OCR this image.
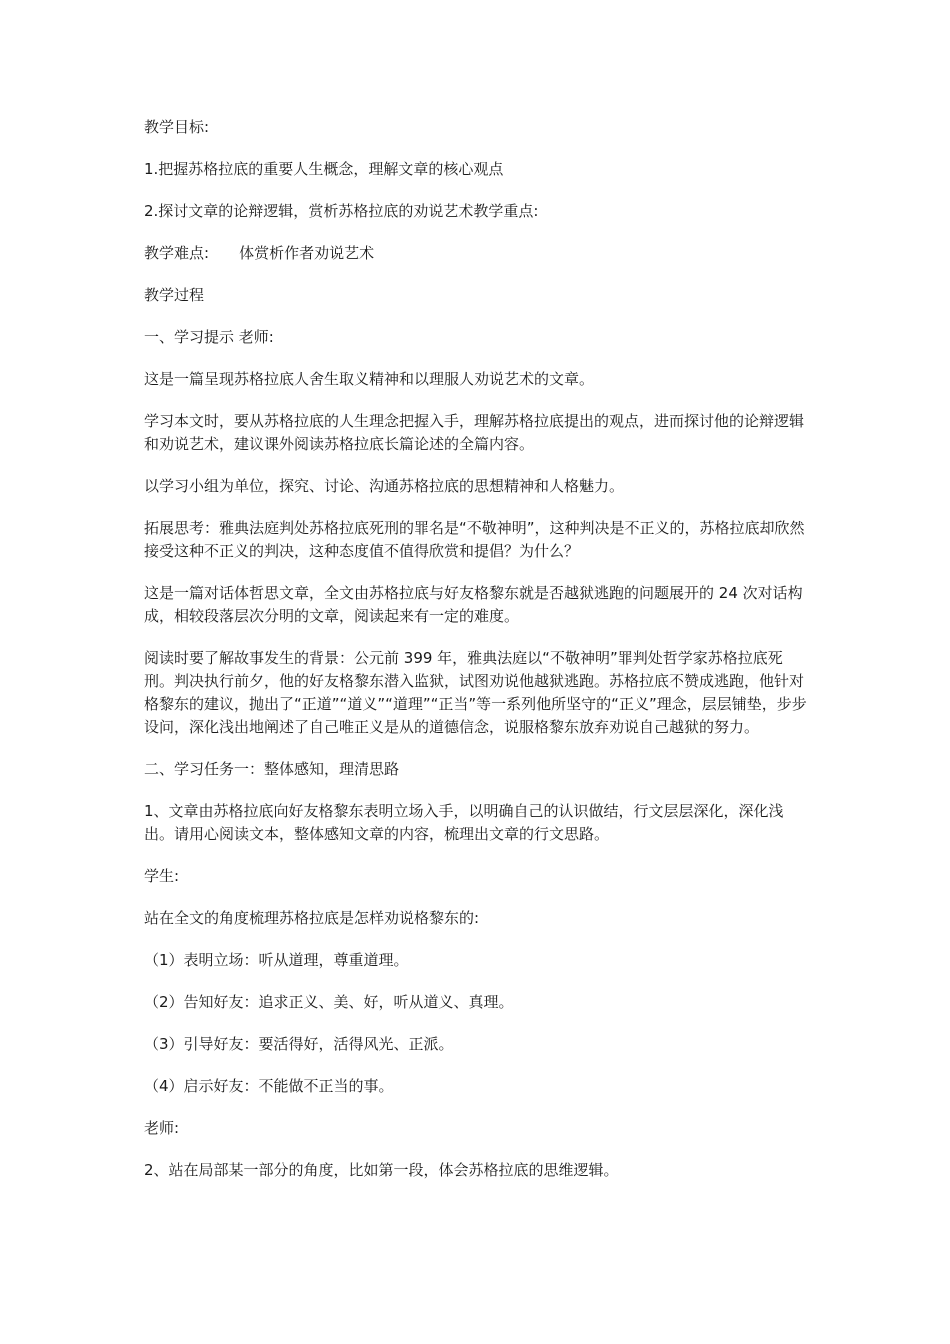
教学目标:

1.把握苏格拉底的重要人生概念，理解文章的核心观点

2.探讨文章的论辩逻辑，赏析苏格拉底的劝说艺术教学重点:

教学难点: 体赏析作者劝说艺术

教学过程

一、学习提示 老师:

这是一篇呈现苏格拉底人舍生取义精神和以理服人劝说艺术的文章。

学习本文时，要从苏格拉底的人生理念把握入手，理解苏格拉底提出的观点，进而探讨他的论辩逻辑和劝说艺术，建议课外阅读苏格拉底长篇论述的全篇内容。

以学习小组为单位，探究、讨论、沟通苏格拉底的思想精神和人格魅力。

拓展思考：雅典法庭判处苏格拉底死刑的罪名是“不敬神明”，这种判决是不正义的，苏格拉底却欣然接受这种不正义的判决，这种态度值不值得欣赏和提倡？为什么？

这是一篇对话体哲思文章，全文由苏格拉底与好友格黎东就是否越狱逃跑的问题展开的 24 次对话构成，相较段落层次分明的文章，阅读起来有一定的难度。

阅读时要了解故事发生的背景：公元前 399 年，雅典法庭以“不敬神明”罪判处哲学家苏格拉底死刑。判决执行前夕，他的好友格黎东潜入监狱，试图劝说他越狱逃跑。苏格拉底不赞成逃跑，他针对格黎东的建议，抛出了“正道”“道义”“道理”“正当”等一系列他所坚守的“正义”理念，层层铺垫，步步设问，深化浅出地阐述了自己唯正义是从的道德信念，说服格黎东放弃劝说自己越狱的努力。

二、学习任务一：整体感知，理清思路

1、文章由苏格拉底向好友格黎东表明立场入手，以明确自己的认识做结，行文层层深化，深化浅出。请用心阅读文本，整体感知文章的内容，梳理出文章的行文思路。

学生:

站在全文的角度梳理苏格拉底是怎样劝说格黎东的:

（1）表明立场：听从道理，尊重道理。

（2）告知好友：追求正义、美、好，听从道义、真理。

（3）引导好友：要活得好，活得风光、正派。

（4）启示好友：不能做不正当的事。

老师:

2、站在局部某一部分的角度，比如第一段，体会苏格拉底的思维逻辑。
